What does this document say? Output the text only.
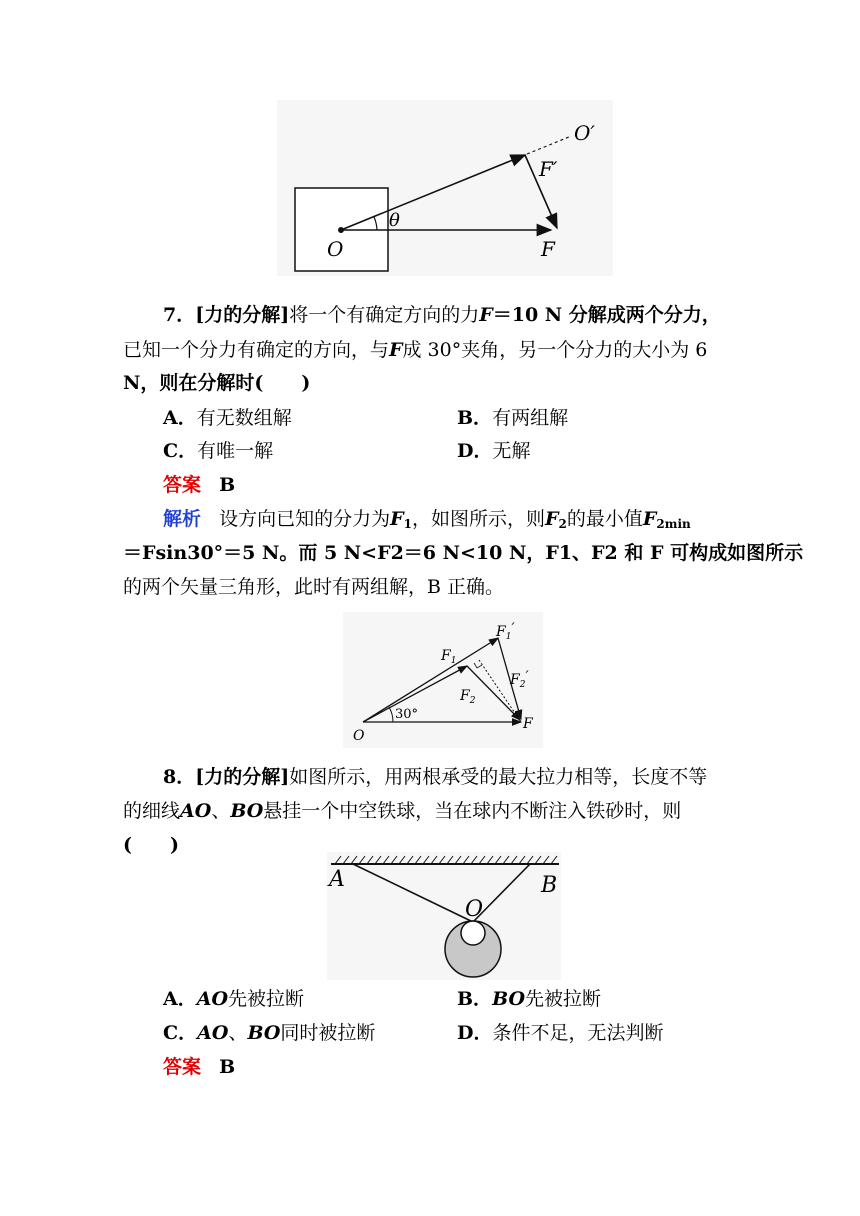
O
O′
F
F′
θ
7．[力的分解]将一个有确定方向的力F＝10 N 分解成两个分力，
已知一个分力有确定的方向，与F成 30°夹角，另一个分力的大小为 6
N，则在分解时(　　)
A．有无数组解	B．有两组解
C．有唯一解	D．无解
答案 B
解析 设方向已知的分力为$F_1$，如图所示，则$F_2$的最小值$F_{2min}$
＝Fsin30°＝5 N。而 5 N<F2＝6 N<10 N，F1、F2 和 F 可构成如图所示
的两个矢量三角形，此时有两组解，B 正确。
O
F
$F_1$
$F_1'$
$F_2$
$F_2'$
30°
8．[力的分解]如图所示，用两根承受的最大拉力相等，长度不等
的细线AO、BO悬挂一个中空铁球，当在球内不断注入铁砂时，则
(　　)
A	B
O
A．AO先被拉断	B．BO先被拉断
C．AO、BO同时被拉断	D．条件不足，无法判断
答案 B
